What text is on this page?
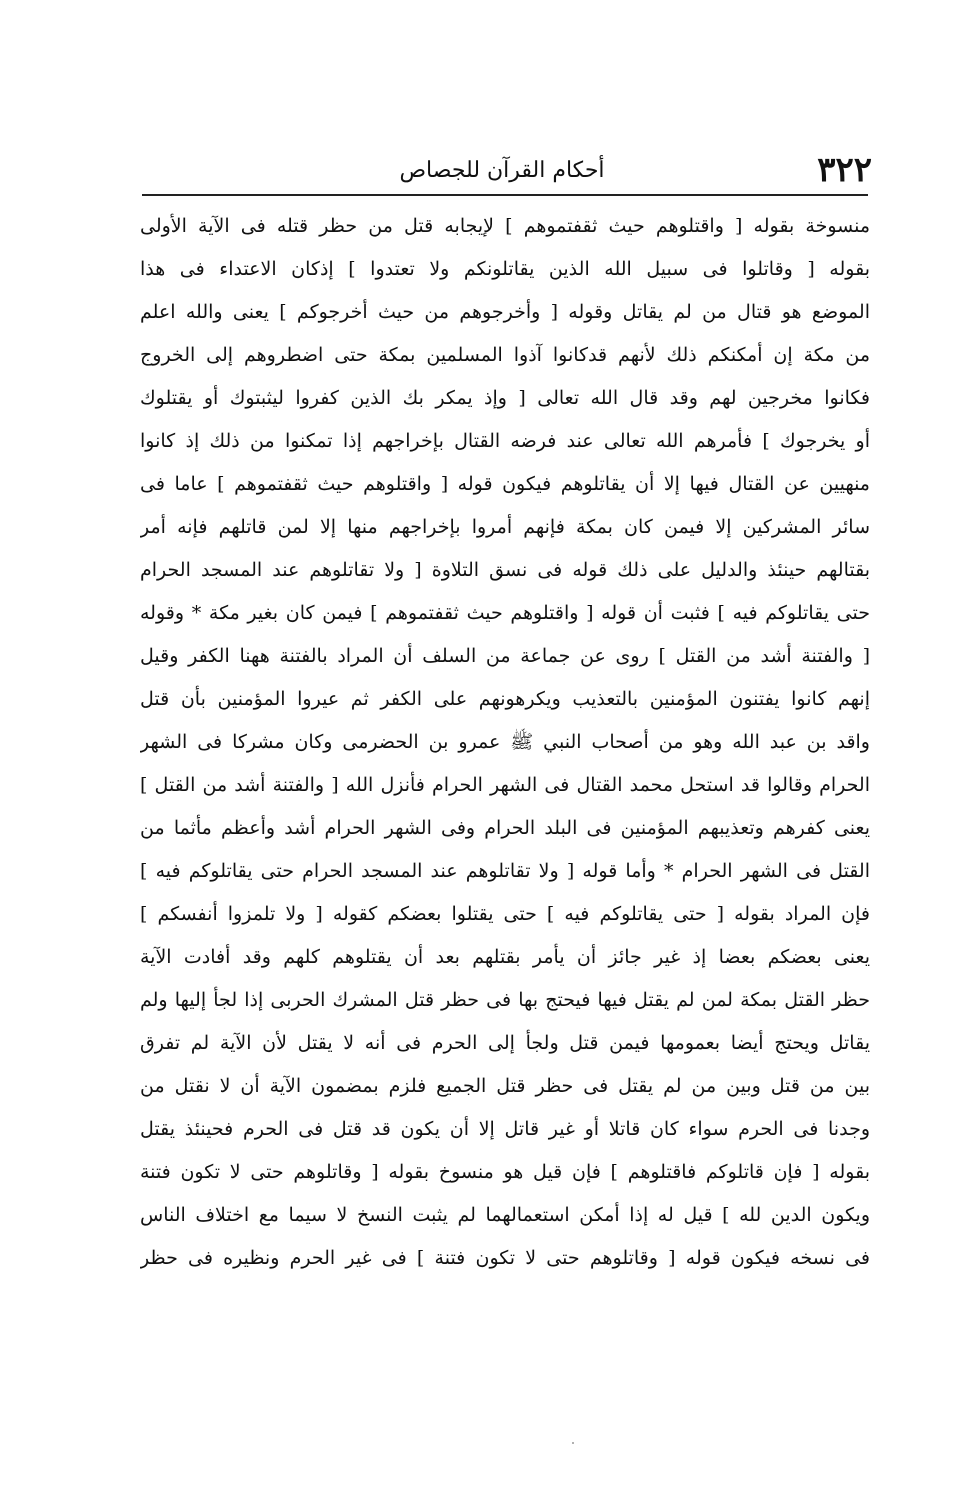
٣٢٢
أحكام القرآن للجصاص
منسوخة بقوله [ واقتلوهم حيث ثقفتموهم ] لإيجابه قتل من حظر قتله فى الآية الأولى
بقوله [ وقاتلوا فى سبيل الله الذين يقاتلونكم ولا تعتدوا ] إذكان الاعتداء فى هذا
الموضع هو قتال من لم يقاتل وقوله [ وأخرجوهم من حيث أخرجوكم ] يعنى والله اعلم
من مكة إن أمكنكم ذلك لأنهم قدكانوا آذوا المسلمين بمكة حتى اضطروهم إلى الخروج
فكانوا مخرجين لهم وقد قال الله تعالى [ وإذ يمكر بك الذين كفروا ليثبتوك أو يقتلوك
أو يخرجوك ] فأمرهم الله تعالى عند فرضه القتال بإخراجهم إذا تمكنوا من ذلك إذ كانوا
منهيين عن القتال فيها إلا أن يقاتلوهم فيكون قوله [ واقتلوهم حيث ثقفتموهم ] عاما فى
سائر المشركين إلا فيمن كان بمكة فإنهم أمروا بإخراجهم منها إلا لمن قاتلهم فإنه أمر
بقتالهم حينئذ والدليل على ذلك قوله فى نسق التلاوة [ ولا تقاتلوهم عند المسجد الحرام
حتى يقاتلوكم فيه ] فثبت أن قوله [ واقتلوهم حيث ثقفتموهم ] فيمن كان بغير مكة * وقوله
[ والفتنة أشد من القتل ] روى عن جماعة من السلف أن المراد بالفتنة ههنا الكفر وقيل
إنهم كانوا يفتنون المؤمنين بالتعذيب ويكرهونهم على الكفر ثم عيروا المؤمنين بأن قتل
واقد بن عبد الله وهو من أصحاب النبي ﷺ عمرو بن الحضرمى وكان مشركا فى الشهر
الحرام وقالوا قد استحل محمد القتال فى الشهر الحرام فأنزل الله [ والفتنة أشد من القتل ]
يعنى كفرهم وتعذيبهم المؤمنين فى البلد الحرام وفى الشهر الحرام أشد وأعظم مأثما من
القتل فى الشهر الحرام * وأما قوله [ ولا تقاتلوهم عند المسجد الحرام حتى يقاتلوكم فيه ]
فإن المراد بقوله [ حتى يقاتلوكم فيه ] حتى يقتلوا بعضكم كقوله [ ولا تلمزوا أنفسكم ]
يعنى بعضكم بعضا إذ غير جائز أن يأمر بقتلهم بعد أن يقتلوهم كلهم وقد أفادت الآية
حظر القتل بمكة لمن لم يقتل فيها فيحتج بها فى حظر قتل المشرك الحربى إذا لجأ إليها ولم
يقاتل ويحتج أيضا بعمومها فيمن قتل ولجأ إلى الحرم فى أنه لا يقتل لأن الآية لم تفرق
بين من قتل وبين من لم يقتل فى حظر قتل الجميع فلزم بمضمون الآية أن لا نقتل من
وجدنا فى الحرم سواء كان قاتلا أو غير قاتل إلا أن يكون قد قتل فى الحرم فحينئذ يقتل
بقوله [ فإن قاتلوكم فاقتلوهم ] فإن قيل هو منسوخ بقوله [ وقاتلوهم حتى لا تكون فتنة
ويكون الدين لله ] قيل له إذا أمكن استعمالهما لم يثبت النسخ لا سيما مع اختلاف الناس
فى نسخه فيكون قوله [ وقاتلوهم حتى لا تكون فتنة ] فى غير الحرم ونظيره فى حظر
